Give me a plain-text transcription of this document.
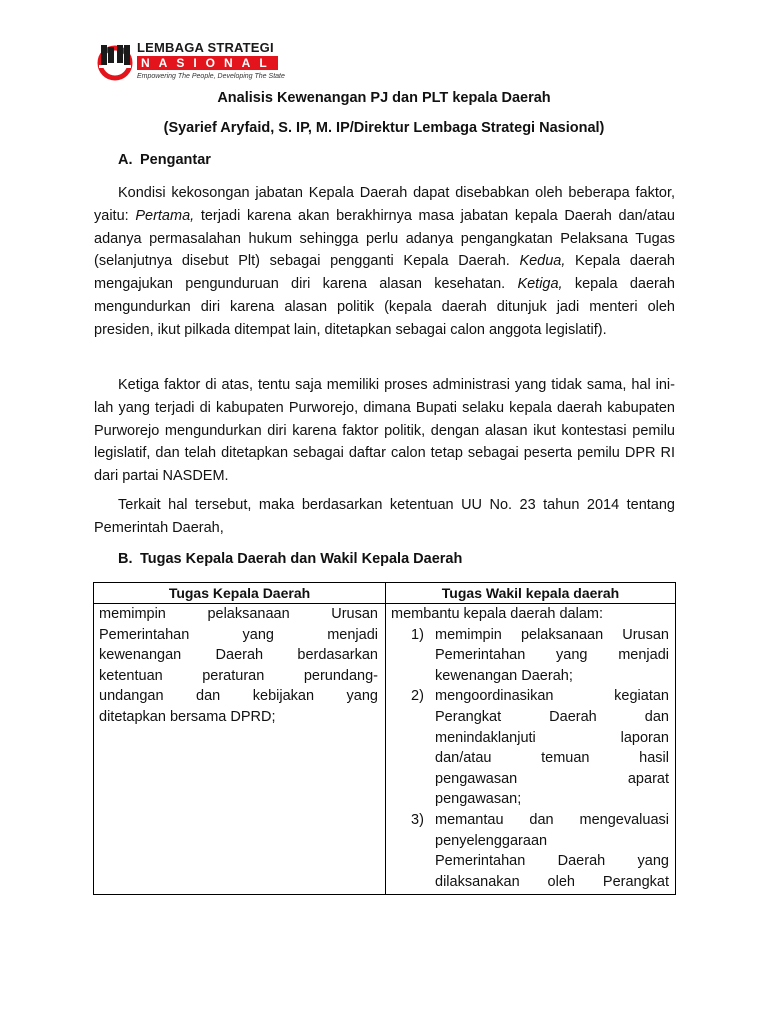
LEMBAGA STRATEGI
NASIONAL
Empowering The People, Developing The State
Analisis Kewenangan PJ dan PLT kepala Daerah
(Syarief Aryfaid, S. IP, M. IP/Direktur Lembaga Strategi Nasional)
A. Pengantar

Kondisi kekosongan jabatan Kepala Daerah dapat disebabkan oleh beberapa faktor, yaitu: Pertama, terjadi karena akan berakhirnya masa jabatan kepala Daerah dan/atau adanya permasalahan hukum sehingga perlu adanya pengangkatan Pelaksana Tugas (selanjutnya disebut Plt) sebagai pengganti Kepala Daerah. Kedua, Kepala daerah mengajukan pengunduruan diri karena alasan kesehatan. Ketiga, kepala daerah mengundurkan diri karena alasan politik (kepala daerah ditunjuk jadi menteri oleh presiden, ikut pilkada ditempat lain, ditetapkan sebagai calon anggota legislatif).

Ketiga faktor di atas, tentu saja memiliki proses administrasi yang tidak sama, hal ini-lah yang terjadi di kabupaten Purworejo, dimana Bupati selaku kepala daerah kabupaten Purworejo mengundurkan diri karena faktor politik, dengan alasan ikut kontestasi pemilu legislatif, dan telah ditetapkan sebagai daftar calon tetap sebagai peserta pemilu DPR RI dari partai NASDEM.

Terkait hal tersebut, maka berdasarkan ketentuan UU No. 23 tahun 2014 tentang Pemerintah Daerah,

B. Tugas Kepala Daerah dan Wakil Kepala Daerah
Tugas Kepala Daerah	Tugas Wakil kepala daerah

memimpin pelaksanaan Urusan

Pemerintahan yang menjadi

kewenangan Daerah berdasarkan

ketentuan peraturan perundang-

undangan dan kebijakan yang

ditetapkan bersama DPRD;

membantu kepala daerah dalam:

1) memimpin pelaksanaan Urusan
Pemerintahan yang menjadi
kewenangan Daerah;
2) mengoordinasikan kegiatan
Perangkat Daerah dan
menindaklanjuti laporan
dan/atau temuan hasil
pengawasan aparat
pengawasan;
3) memantau dan mengevaluasi
penyelenggaraan
Pemerintahan Daerah yang
dilaksanakan oleh Perangkat
